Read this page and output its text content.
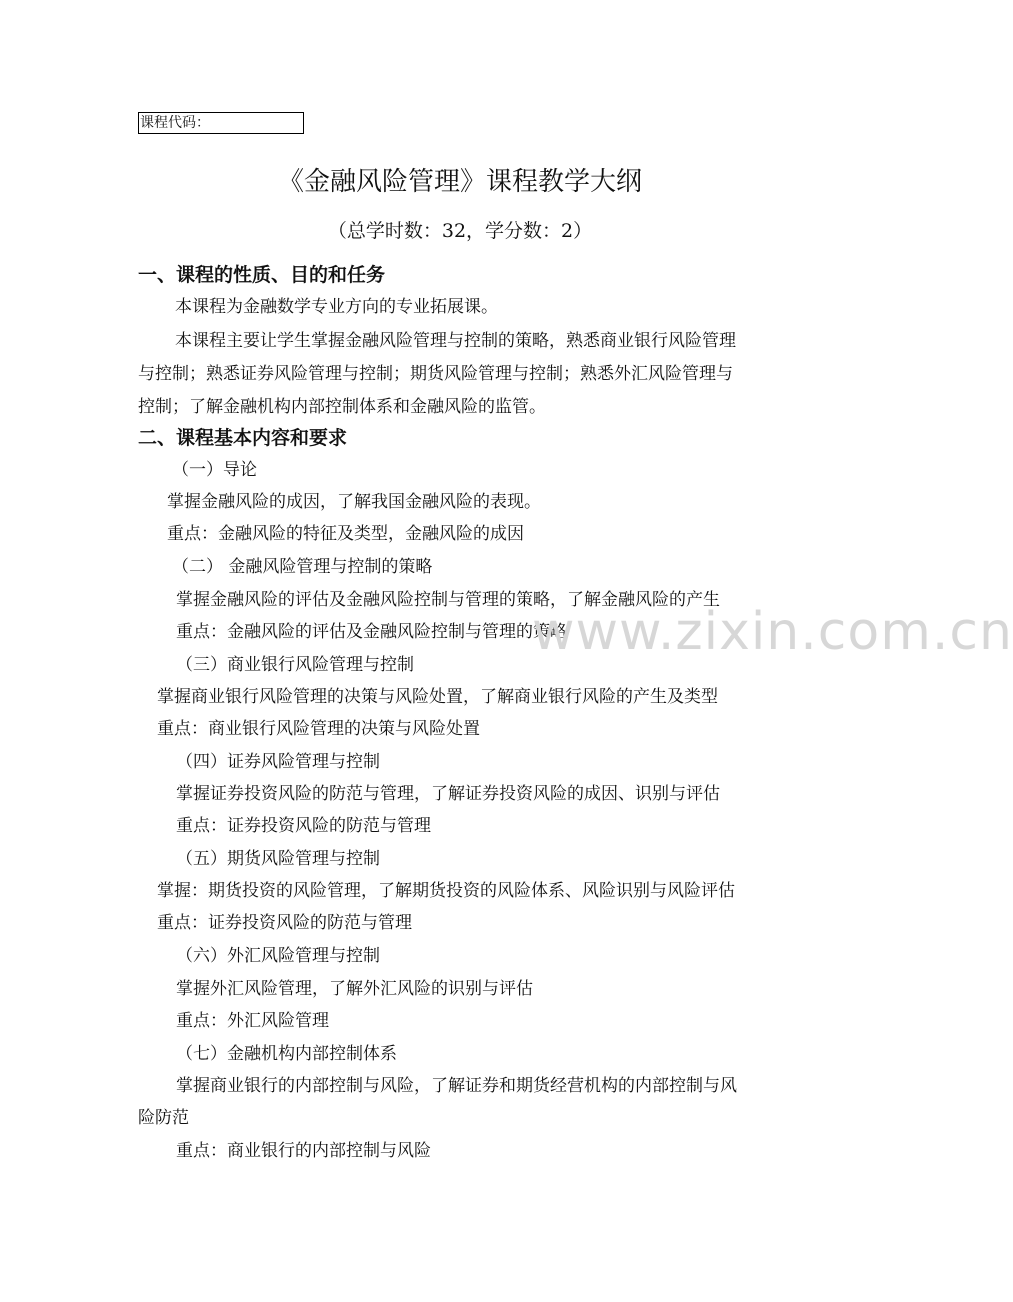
课程代码：
《金融风险管理》课程教学大纲
（总学时数：32，学分数：2）
一、课程的性质、目的和任务
本课程为金融数学专业方向的专业拓展课。
本课程主要让学生掌握金融风险管理与控制的策略，熟悉商业银行风险管理
与控制；熟悉证券风险管理与控制；期货风险管理与控制；熟悉外汇风险管理与
控制；了解金融机构内部控制体系和金融风险的监管。
二、课程基本内容和要求
（一）导论
掌握金融风险的成因，了解我国金融风险的表现。
重点：金融风险的特征及类型，金融风险的成因
（二） 金融风险管理与控制的策略
掌握金融风险的评估及金融风险控制与管理的策略，了解金融风险的产生
重点：金融风险的评估及金融风险控制与管理的策略
（三）商业银行风险管理与控制
掌握商业银行风险管理的决策与风险处置，了解商业银行风险的产生及类型
重点：商业银行风险管理的决策与风险处置
（四）证券风险管理与控制
掌握证券投资风险的防范与管理，了解证券投资风险的成因、识别与评估
重点：证券投资风险的防范与管理
（五）期货风险管理与控制
掌握：期货投资的风险管理，了解期货投资的风险体系、风险识别与风险评估
重点：证券投资风险的防范与管理
（六）外汇风险管理与控制
掌握外汇风险管理，了解外汇风险的识别与评估
重点：外汇风险管理
（七）金融机构内部控制体系
掌握商业银行的内部控制与风险，了解证券和期货经营机构的内部控制与风
险防范
重点：商业银行的内部控制与风险
www.zixin.com.cn
